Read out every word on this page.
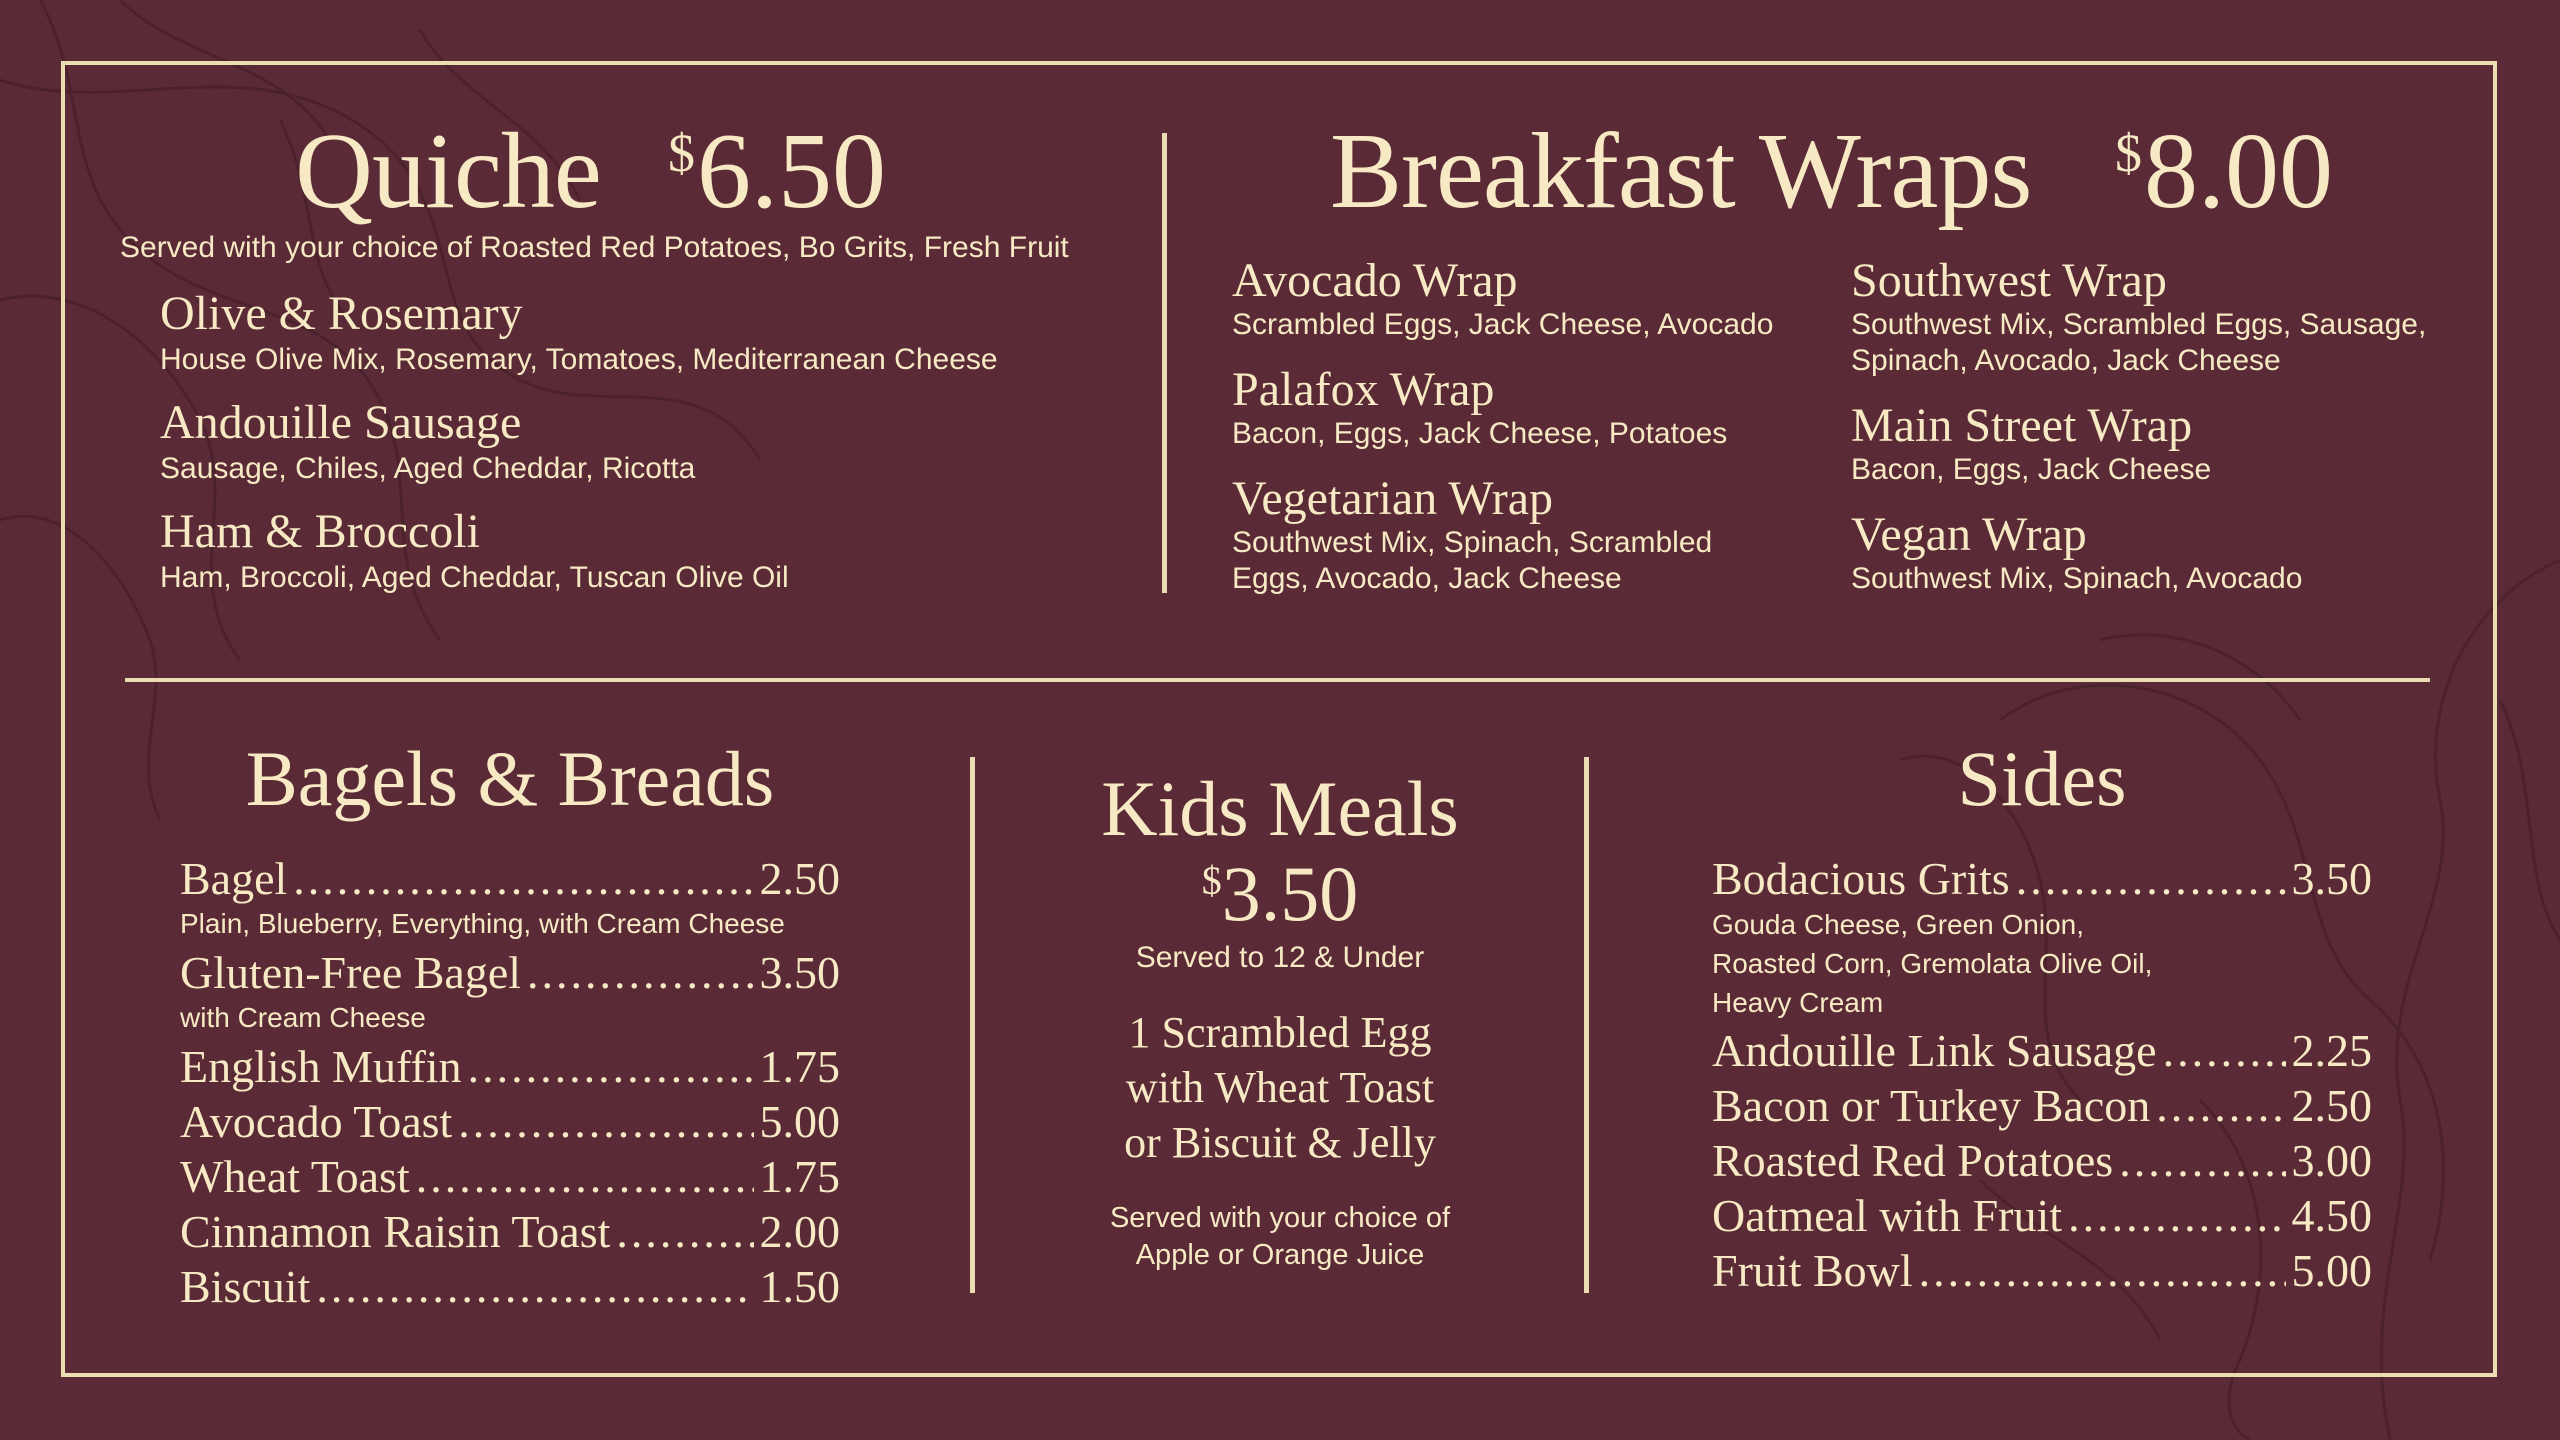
Quiche $6.50
Served with your choice of Roasted Red Potatoes, Bo Grits, Fresh Fruit
Olive & Rosemary
House Olive Mix, Rosemary, Tomatoes, Mediterranean Cheese
Andouille Sausage
Sausage, Chiles, Aged Cheddar, Ricotta
Ham & Broccoli
Ham, Broccoli, Aged Cheddar, Tuscan Olive Oil
Breakfast Wraps $8.00
Avocado Wrap
Scrambled Eggs, Jack Cheese, Avocado
Palafox Wrap
Bacon, Eggs, Jack Cheese, Potatoes
Vegetarian Wrap
Southwest Mix, Spinach, Scrambled Eggs, Avocado, Jack Cheese
Southwest Wrap
Southwest Mix, Scrambled Eggs, Sausage, Spinach, Avocado, Jack Cheese
Main Street Wrap
Bacon, Eggs, Jack Cheese
Vegan Wrap
Southwest Mix, Spinach, Avocado
Bagels & Breads
Bagel .....	2.50
Plain, Blueberry, Everything, with Cream Cheese
Gluten-Free Bagel .....	3.50
with Cream Cheese
English Muffin .....	1.75
Avocado Toast .....	5.00
Wheat Toast .....	1.75
Cinnamon Raisin Toast .....	2.00
Biscuit .....	1.50
Kids Meals
$3.50
Served to 12 & Under
1 Scrambled Egg
with Wheat Toast
or Biscuit & Jelly
Served with your choice of
Apple or Orange Juice
Sides
Bodacious Grits .....	3.50
Gouda Cheese, Green Onion,
Roasted Corn, Gremolata Olive Oil,
Heavy Cream
Andouille Link Sausage .....	2.25
Bacon or Turkey Bacon .....	2.50
Roasted Red Potatoes .....	3.00
Oatmeal with Fruit .....	4.50
Fruit Bowl .....	5.00
